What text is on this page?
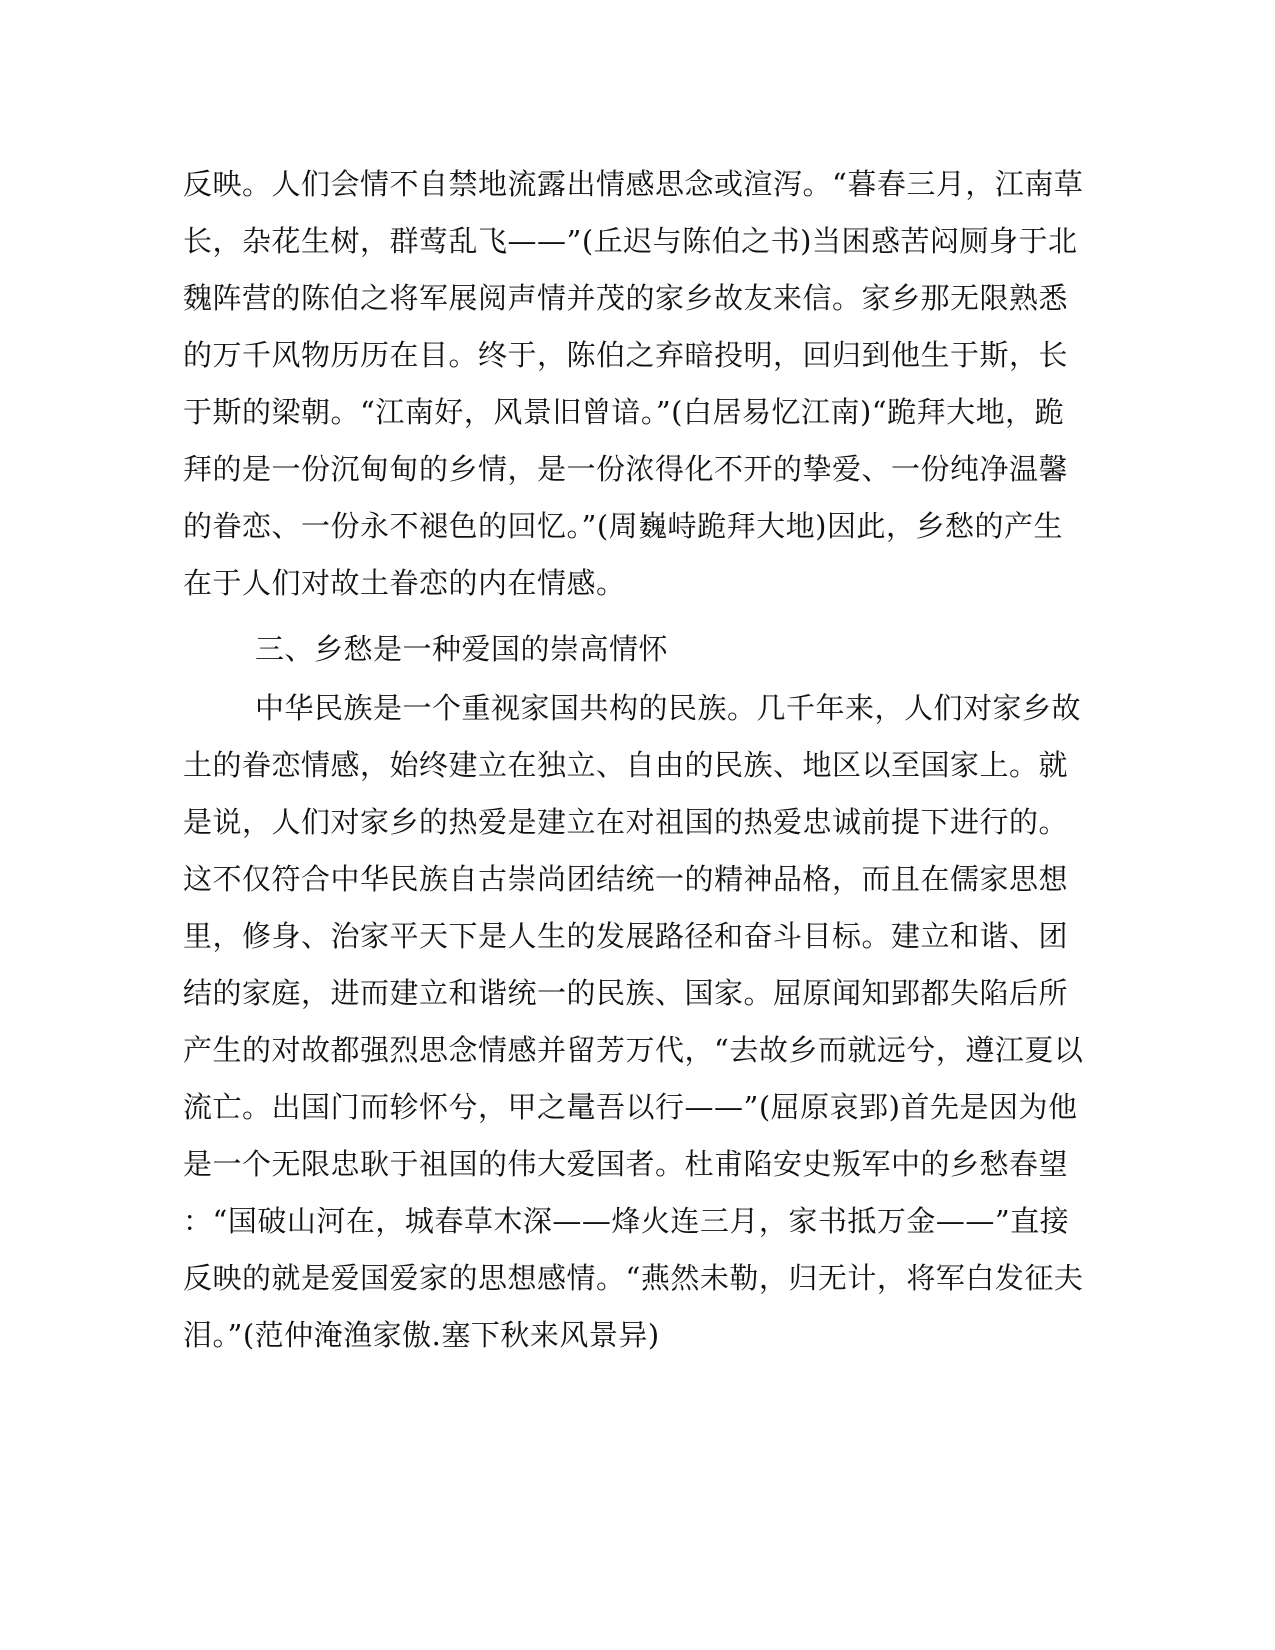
反映。人们会情不自禁地流露出情感思念或渲泻。“暮春三月，江南草
长，杂花生树，群莺乱飞——”(丘迟与陈伯之书)当困惑苦闷厕身于北
魏阵营的陈伯之将军展阅声情并茂的家乡故友来信。家乡那无限熟悉
的万千风物历历在目。终于，陈伯之弃暗投明，回归到他生于斯，长
于斯的梁朝。“江南好，风景旧曾谙。”(白居易忆江南)“跪拜大地，跪
拜的是一份沉甸甸的乡情，是一份浓得化不开的挚爱、一份纯净温馨
的眷恋、一份永不褪色的回忆。”(周巍峙跪拜大地)因此，乡愁的产生
在于人们对故土眷恋的内在情感。
三、乡愁是一种爱国的崇高情怀
中华民族是一个重视家国共构的民族。几千年来，人们对家乡故
土的眷恋情感，始终建立在独立、自由的民族、地区以至国家上。就
是说，人们对家乡的热爱是建立在对祖国的热爱忠诚前提下进行的。
这不仅符合中华民族自古崇尚团结统一的精神品格，而且在儒家思想
里，修身、治家平天下是人生的发展路径和奋斗目标。建立和谐、团
结的家庭，进而建立和谐统一的民族、国家。屈原闻知郢都失陷后所
产生的对故都强烈思念情感并留芳万代，“去故乡而就远兮，遵江夏以
流亡。出国门而轸怀兮，甲之鼌吾以行——”(屈原哀郢)首先是因为他
是一个无限忠耿于祖国的伟大爱国者。杜甫陷安史叛军中的乡愁春望
：“国破山河在，城春草木深——烽火连三月，家书抵万金——”直接
反映的就是爱国爱家的思想感情。“燕然未勒，归无计，将军白发征夫
泪。”(范仲淹渔家傲.塞下秋来风景异)
